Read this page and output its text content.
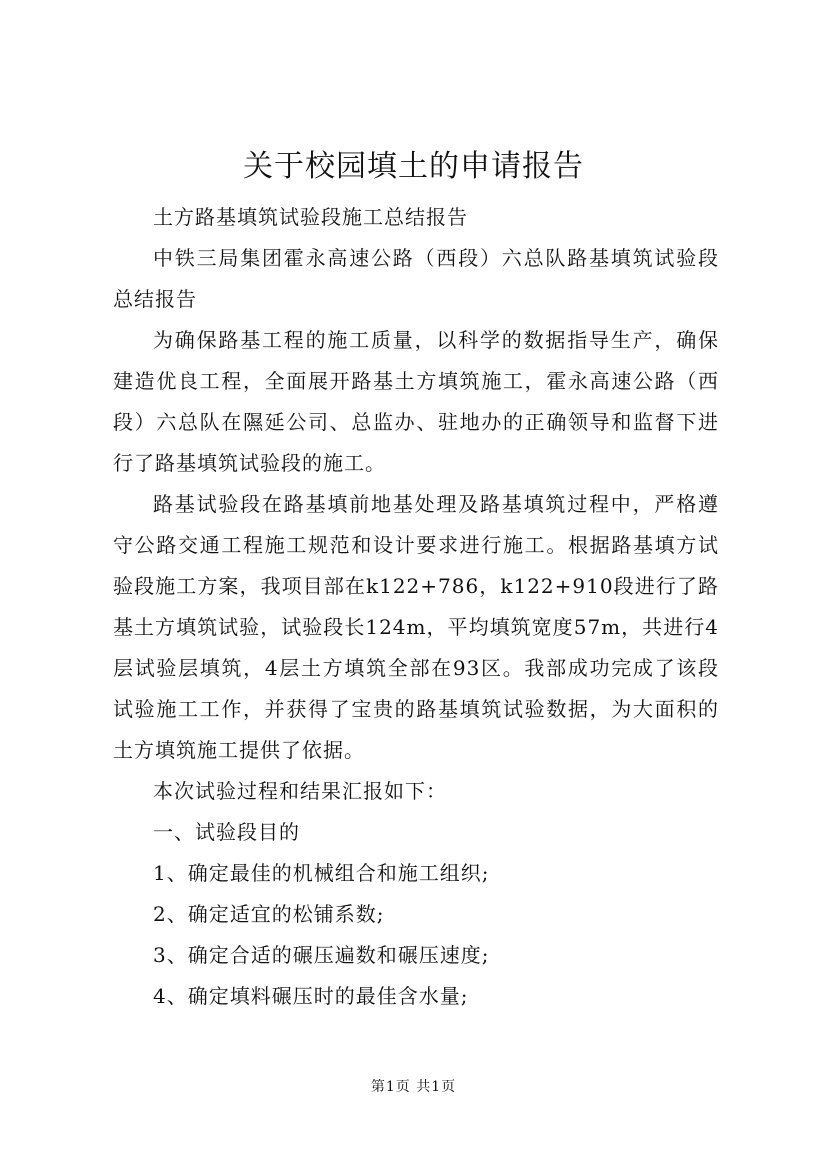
关于校园填土的申请报告

土方路基填筑试验段施工总结报告

中铁三局集团霍永高速公路（西段）六总队路基填筑试验段总结报告

为确保路基工程的施工质量，以科学的数据指导生产，确保建造优良工程，全面展开路基土方填筑施工，霍永高速公路（西段）六总队在隰延公司、总监办、驻地办的正确领导和监督下进行了路基填筑试验段的施工。

路基试验段在路基填前地基处理及路基填筑过程中，严格遵守公路交通工程施工规范和设计要求进行施工。根据路基填方试验段施工方案，我项目部在k122+786，k122+910段进行了路基土方填筑试验，试验段长124m，平均填筑宽度57m，共进行4层试验层填筑，4层土方填筑全部在93区。我部成功完成了该段试验施工工作，并获得了宝贵的路基填筑试验数据，为大面积的土方填筑施工提供了依据。

本次试验过程和结果汇报如下：

一、试验段目的

1、确定最佳的机械组合和施工组织;

2、确定适宜的松铺系数;

3、确定合适的碾压遍数和碾压速度;

4、确定填料碾压时的最佳含水量;

第1页 共1页
